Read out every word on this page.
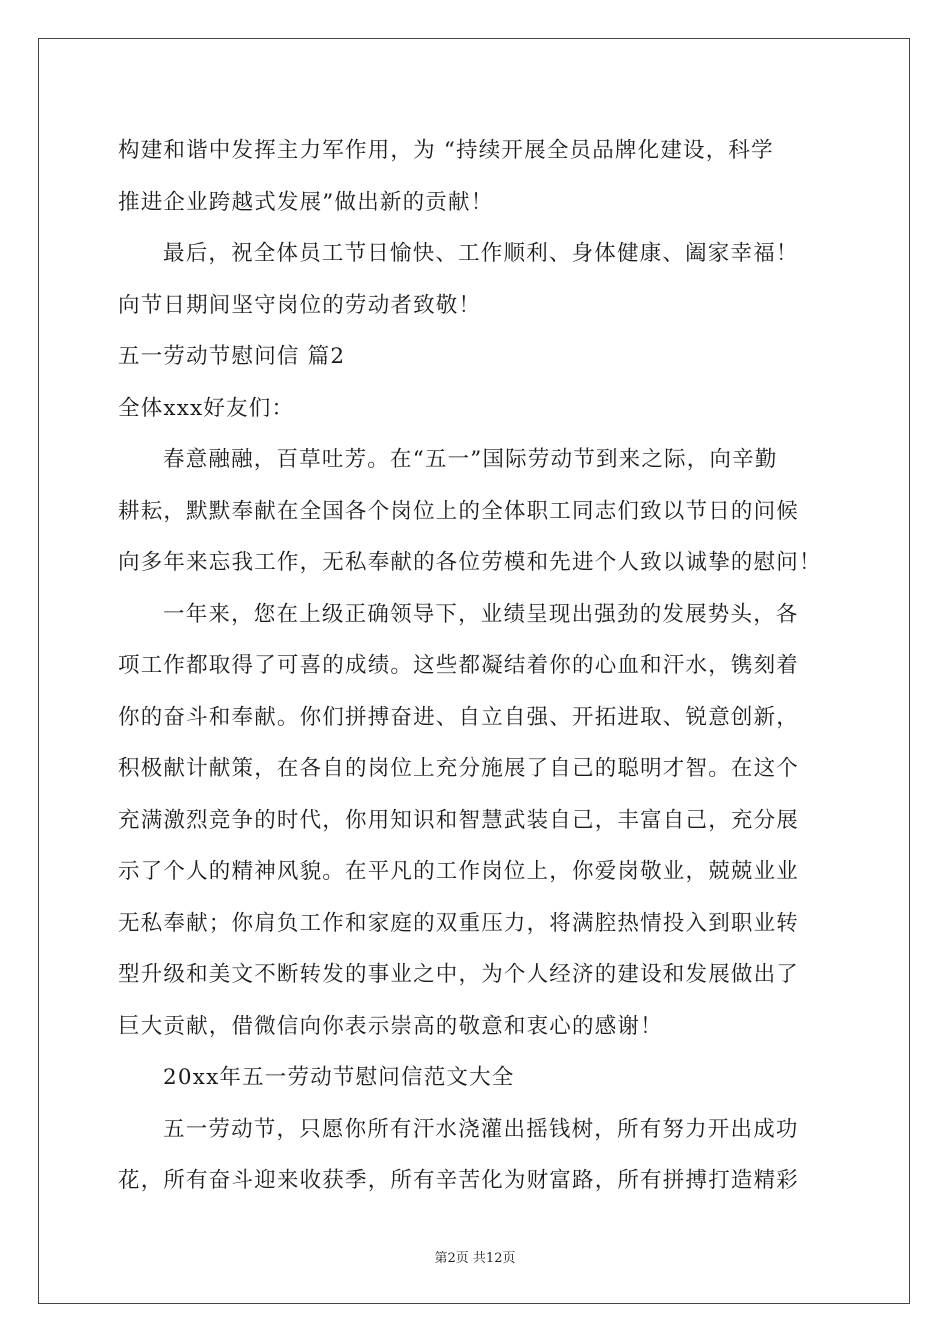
构建和谐中发挥主力军作用，为 “持续开展全员品牌化建设，科学
推进企业跨越式发展”做出新的贡献！
最后，祝全体员工节日愉快、工作顺利、身体健康、阖家幸福！
向节日期间坚守岗位的劳动者致敬！
五一劳动节慰问信 篇2
全体xxx好友们：
春意融融，百草吐芳。在“五一”国际劳动节到来之际，向辛勤
耕耘，默默奉献在全国各个岗位上的全体职工同志们致以节日的问候
向多年来忘我工作，无私奉献的各位劳模和先进个人致以诚挚的慰问！
一年来，您在上级正确领导下，业绩呈现出强劲的发展势头，各
项工作都取得了可喜的成绩。这些都凝结着你的心血和汗水，镌刻着
你的奋斗和奉献。你们拼搏奋进、自立自强、开拓进取、锐意创新，
积极献计献策，在各自的岗位上充分施展了自己的聪明才智。在这个
充满激烈竞争的时代，你用知识和智慧武装自己，丰富自己，充分展
示了个人的精神风貌。在平凡的工作岗位上，你爱岗敬业，兢兢业业
无私奉献；你肩负工作和家庭的双重压力，将满腔热情投入到职业转
型升级和美文不断转发的事业之中，为个人经济的建设和发展做出了
巨大贡献，借微信向你表示崇高的敬意和衷心的感谢！
20xx年五一劳动节慰问信范文大全
五一劳动节，只愿你所有汗水浇灌出摇钱树，所有努力开出成功
花，所有奋斗迎来收获季，所有辛苦化为财富路，所有拼搏打造精彩
第2页 共12页
